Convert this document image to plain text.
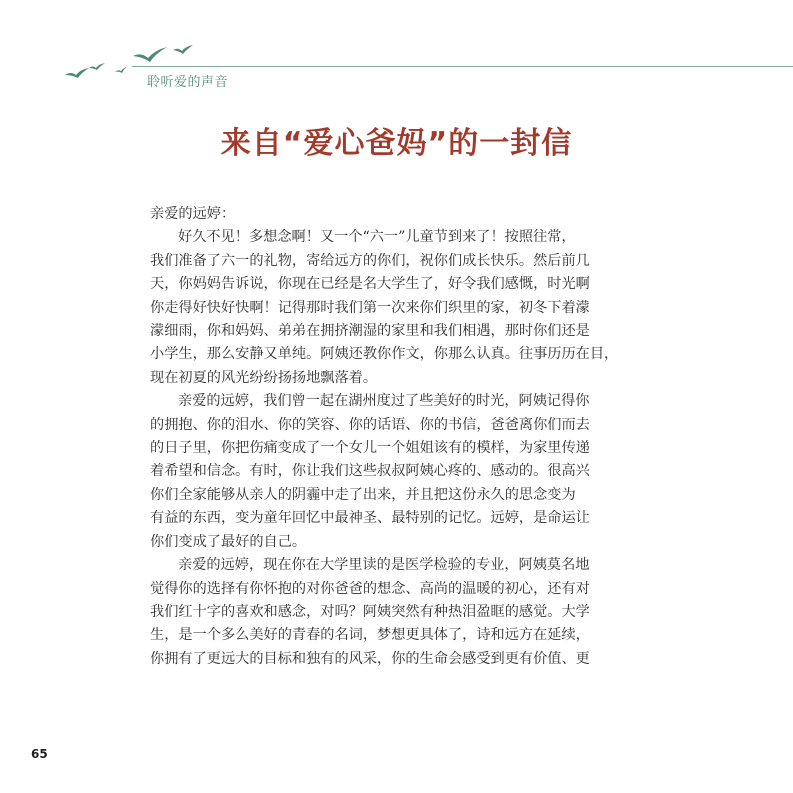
聆听爱的声音
来自“爱心爸妈”的一封信
亲爱的远婷：
好久不见！多想念啊！又一个“六一”儿童节到来了！按照往常，
我们准备了六一的礼物，寄给远方的你们，祝你们成长快乐。然后前几
天，你妈妈告诉说，你现在已经是名大学生了，好令我们感慨，时光啊
你走得好快好快啊！记得那时我们第一次来你们织里的家，初冬下着濛
濛细雨，你和妈妈、弟弟在拥挤潮湿的家里和我们相遇，那时你们还是
小学生，那么安静又单纯。阿姨还教你作文，你那么认真。往事历历在目，
现在初夏的风光纷纷扬扬地飘落着。
亲爱的远婷，我们曾一起在湖州度过了些美好的时光，阿姨记得你
的拥抱、你的泪水、你的笑容、你的话语、你的书信，爸爸离你们而去
的日子里，你把伤痛变成了一个女儿一个姐姐该有的模样，为家里传递
着希望和信念。有时，你让我们这些叔叔阿姨心疼的、感动的。很高兴
你们全家能够从亲人的阴霾中走了出来，并且把这份永久的思念变为
有益的东西，变为童年回忆中最神圣、最特别的记忆。远婷，是命运让
你们变成了最好的自己。
亲爱的远婷，现在你在大学里读的是医学检验的专业，阿姨莫名地
觉得你的选择有你怀抱的对你爸爸的想念、高尚的温暖的初心，还有对
我们红十字的喜欢和感念，对吗？阿姨突然有种热泪盈眶的感觉。大学
生，是一个多么美好的青春的名词，梦想更具体了，诗和远方在延续，
你拥有了更远大的目标和独有的风采，你的生命会感受到更有价值、更
65
